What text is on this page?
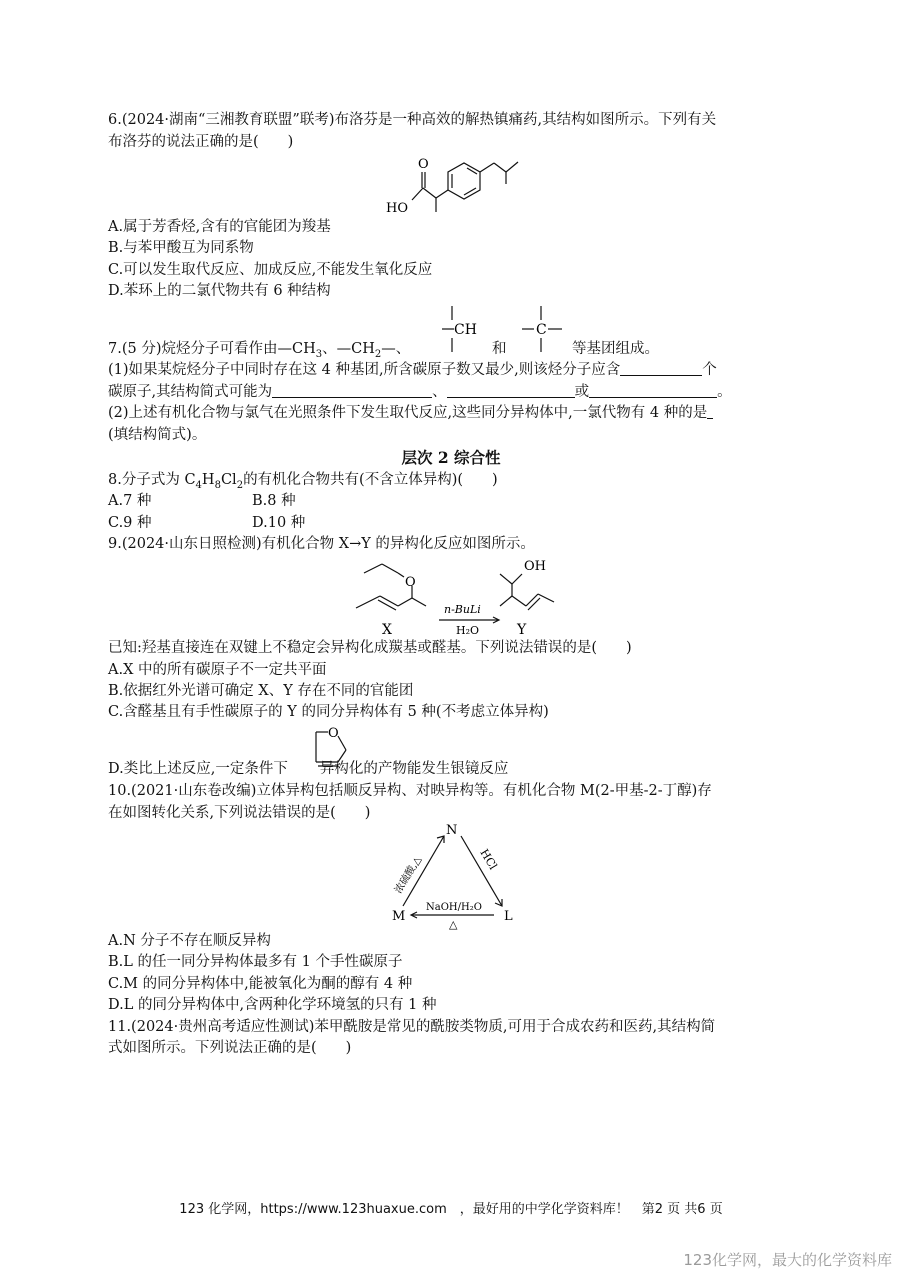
6.(2024·湖南“三湘教育联盟”联考)布洛芬是一种高效的解热镇痛药,其结构如图所示。下列有关
布洛芬的说法正确的是(　　)
O
HO
A.属于芳香烃,含有的官能团为羧基
B.与苯甲酸互为同系物
C.可以发生取代反应、加成反应,不能发生氧化反应
D.苯环上的二氯代物共有 6 种结构
7.(5 分)烷烃分子可看作由$—CH_3$、$—CH_2—$、
CH
和
C
等基团组成。
(1)如果某烷烃分子中同时存在这 4 种基团,所含碳原子数又最少,则该烃分子应含	个
碳原子,其结构简式可能为	、	或	。
(2)上述有机化合物与氯气在光照条件下发生取代反应,这些同分异构体中,一氯代物有 4 种的是
(填结构简式)。
层次 2 综合性
8.分子式为 $C_4H_8Cl_2$的有机化合物共有(不含立体异构)(　　)
A.7 种	B.8 种
C.9 种	D.10 种
9.(2024·山东日照检测)有机化合物 X→Y 的异构化反应如图所示。
O
OH
n-BuLi
H₂O
X	Y
已知:羟基直接连在双键上不稳定会异构化成羰基或醛基。下列说法错误的是(　　)
A.X 中的所有碳原子不一定共平面
B.依据红外光谱可确定 X、Y 存在不同的官能团
C.含醛基且有手性碳原子的 Y 的同分异构体有 5 种(不考虑立体异构)
D.类比上述反应,一定条件下 异构化的产物能发生银镜反应
O
10.(2021·山东卷改编)立体异构包括顺反异构、对映异构等。有机化合物 M(2-甲基-2-丁醇)存
在如图转化关系,下列说法错误的是(　　)
N
M	L
浓硫酸,△	HCl
NaOH/H₂O
△
A.N 分子不存在顺反异构
B.L 的任一同分异构体最多有 1 个手性碳原子
C.M 的同分异构体中,能被氧化为酮的醇有 4 种
D.L 的同分异构体中,含两种化学环境氢的只有 1 种
11.(2024·贵州高考适应性测试)苯甲酰胺是常见的酰胺类物质,可用于合成农药和医药,其结构简
式如图所示。下列说法正确的是(　　)
123 化学网，https://www.123huaxue.com　，最好用的中学化学资料库！　第2 页 共6 页
123化学网，最大的化学资料库
